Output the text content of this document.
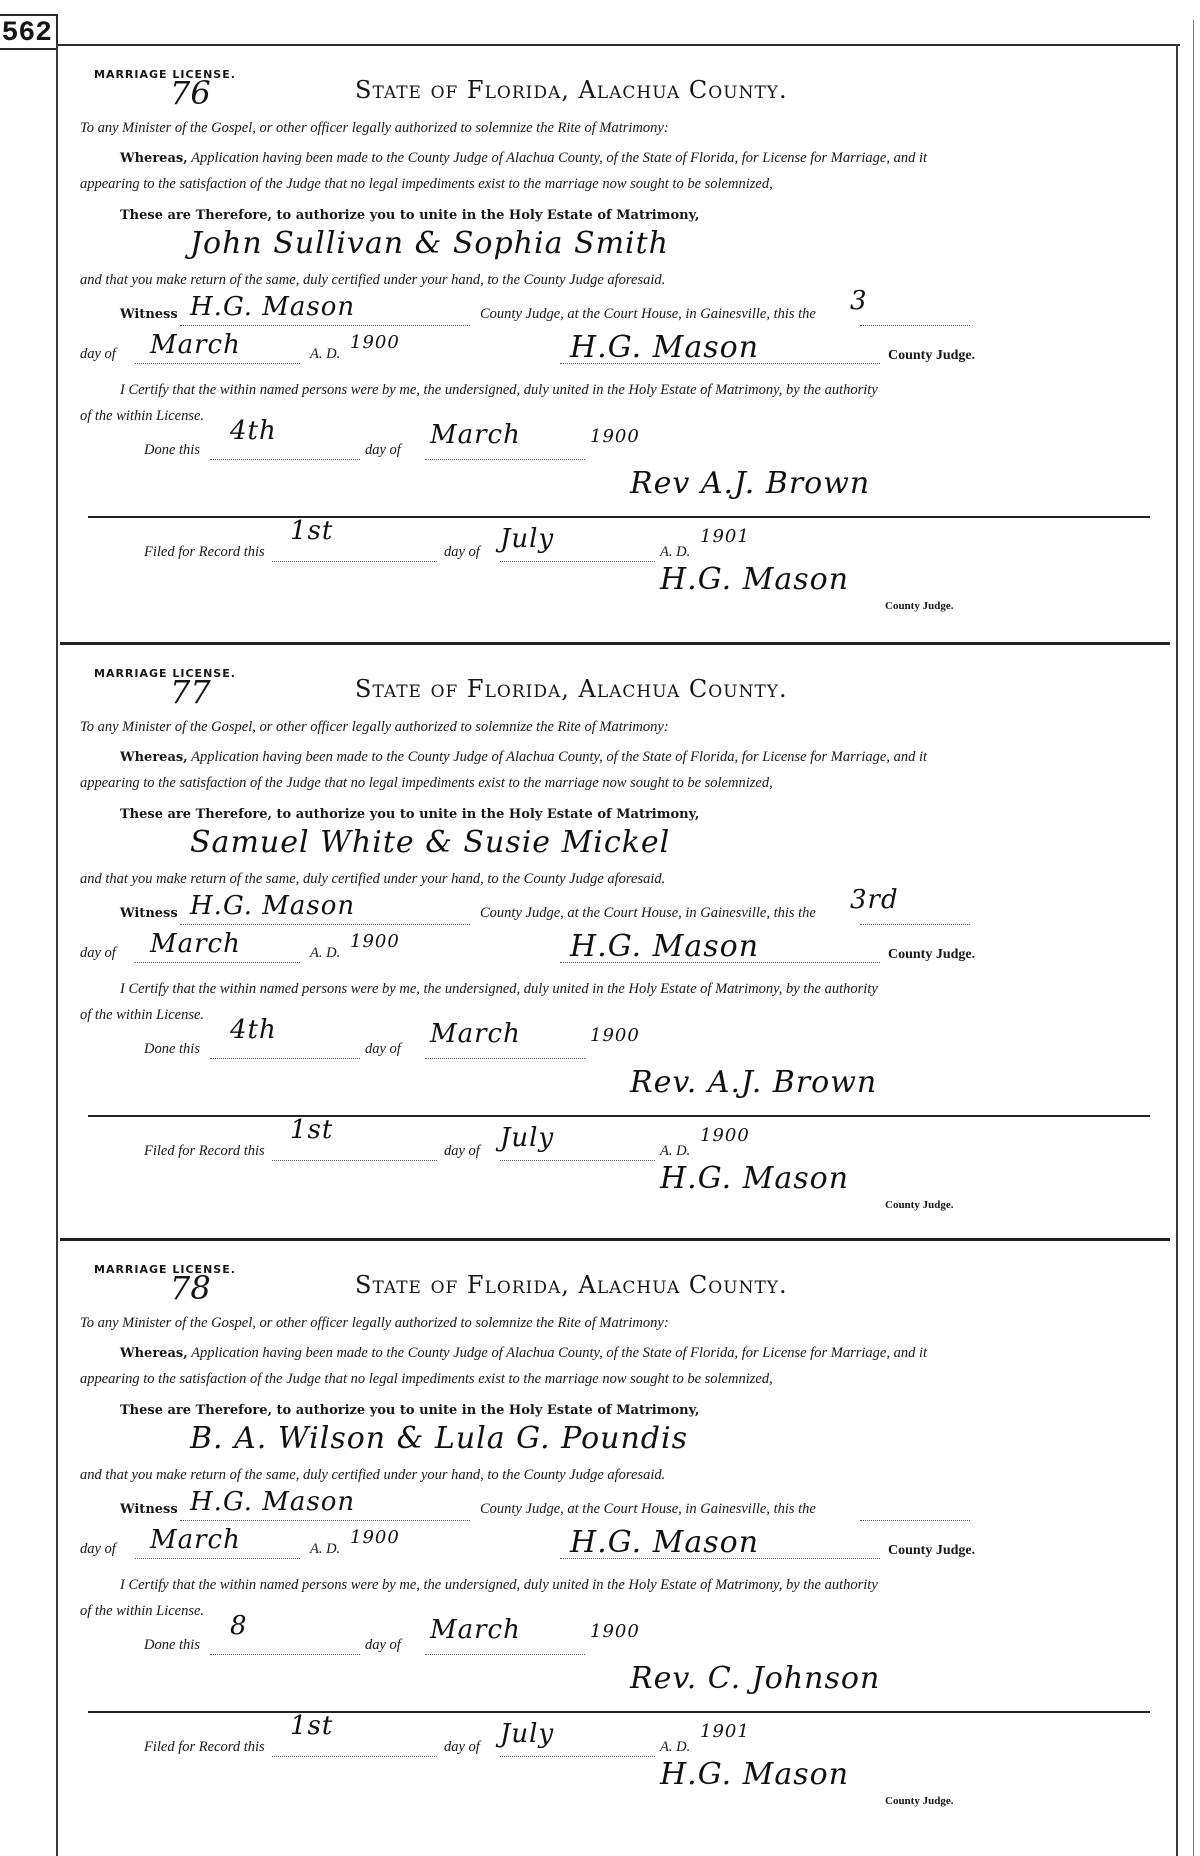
562
MARRIAGE LICENSE.
76	State of Florida, Alachua County.
To any Minister of the Gospel, or other officer legally authorized to solemnize the Rite of Matrimony:
Whereas, Application having been made to the County Judge of Alachua County, of the State of Florida, for License for Marriage, and it
appearing to the satisfaction of the Judge that no legal impediments exist to the marriage now sought to be solemnized,
These are Therefore, to authorize you to unite in the Holy Estate of Matrimony,
John Sullivan & Sophia Smith
and that you make return of the same, duly certified under your hand, to the County Judge aforesaid.
Witness H.G. Mason	County Judge, at the Court House, in Gainesville, this the 3
day of March	A. D.
1900	H.G. Mason	County Judge.
I Certify that the within named persons were by me, the undersigned, duly united in the Holy Estate of Matrimony, by the authority
of the within License.
Done this
4th
day of March	1900
Rev A.J. Brown
Filed for Record this
1st
day of July	A. D.
1901
H.G. Mason
County Judge.
MARRIAGE LICENSE.
77	State of Florida, Alachua County.
To any Minister of the Gospel, or other officer legally authorized to solemnize the Rite of Matrimony:
Whereas, Application having been made to the County Judge of Alachua County, of the State of Florida, for License for Marriage, and it
appearing to the satisfaction of the Judge that no legal impediments exist to the marriage now sought to be solemnized,
These are Therefore, to authorize you to unite in the Holy Estate of Matrimony,
Samuel White & Susie Mickel
and that you make return of the same, duly certified under your hand, to the County Judge aforesaid.
Witness H.G. Mason	County Judge, at the Court House, in Gainesville, this the 3rd
day of March	A. D.
1900	H.G. Mason	County Judge.
I Certify that the within named persons were by me, the undersigned, duly united in the Holy Estate of Matrimony, by the authority
of the within License.
Done this
4th
day of March	1900
Rev. A.J. Brown
Filed for Record this
1st
day of July	A. D.
1900
H.G. Mason
County Judge.
MARRIAGE LICENSE.
78	State of Florida, Alachua County.
To any Minister of the Gospel, or other officer legally authorized to solemnize the Rite of Matrimony:
Whereas, Application having been made to the County Judge of Alachua County, of the State of Florida, for License for Marriage, and it
appearing to the satisfaction of the Judge that no legal impediments exist to the marriage now sought to be solemnized,
These are Therefore, to authorize you to unite in the Holy Estate of Matrimony,
B. A. Wilson & Lula G. Poundis
and that you make return of the same, duly certified under your hand, to the County Judge aforesaid.
Witness H.G. Mason	County Judge, at the Court House, in Gainesville, this the
day of March	A. D.
1900	H.G. Mason	County Judge.
I Certify that the within named persons were by me, the undersigned, duly united in the Holy Estate of Matrimony, by the authority
of the within License.
Done this
8
day of March	1900
Rev. C. Johnson
Filed for Record this
1st
day of July	A. D.
1901
H.G. Mason
County Judge.
